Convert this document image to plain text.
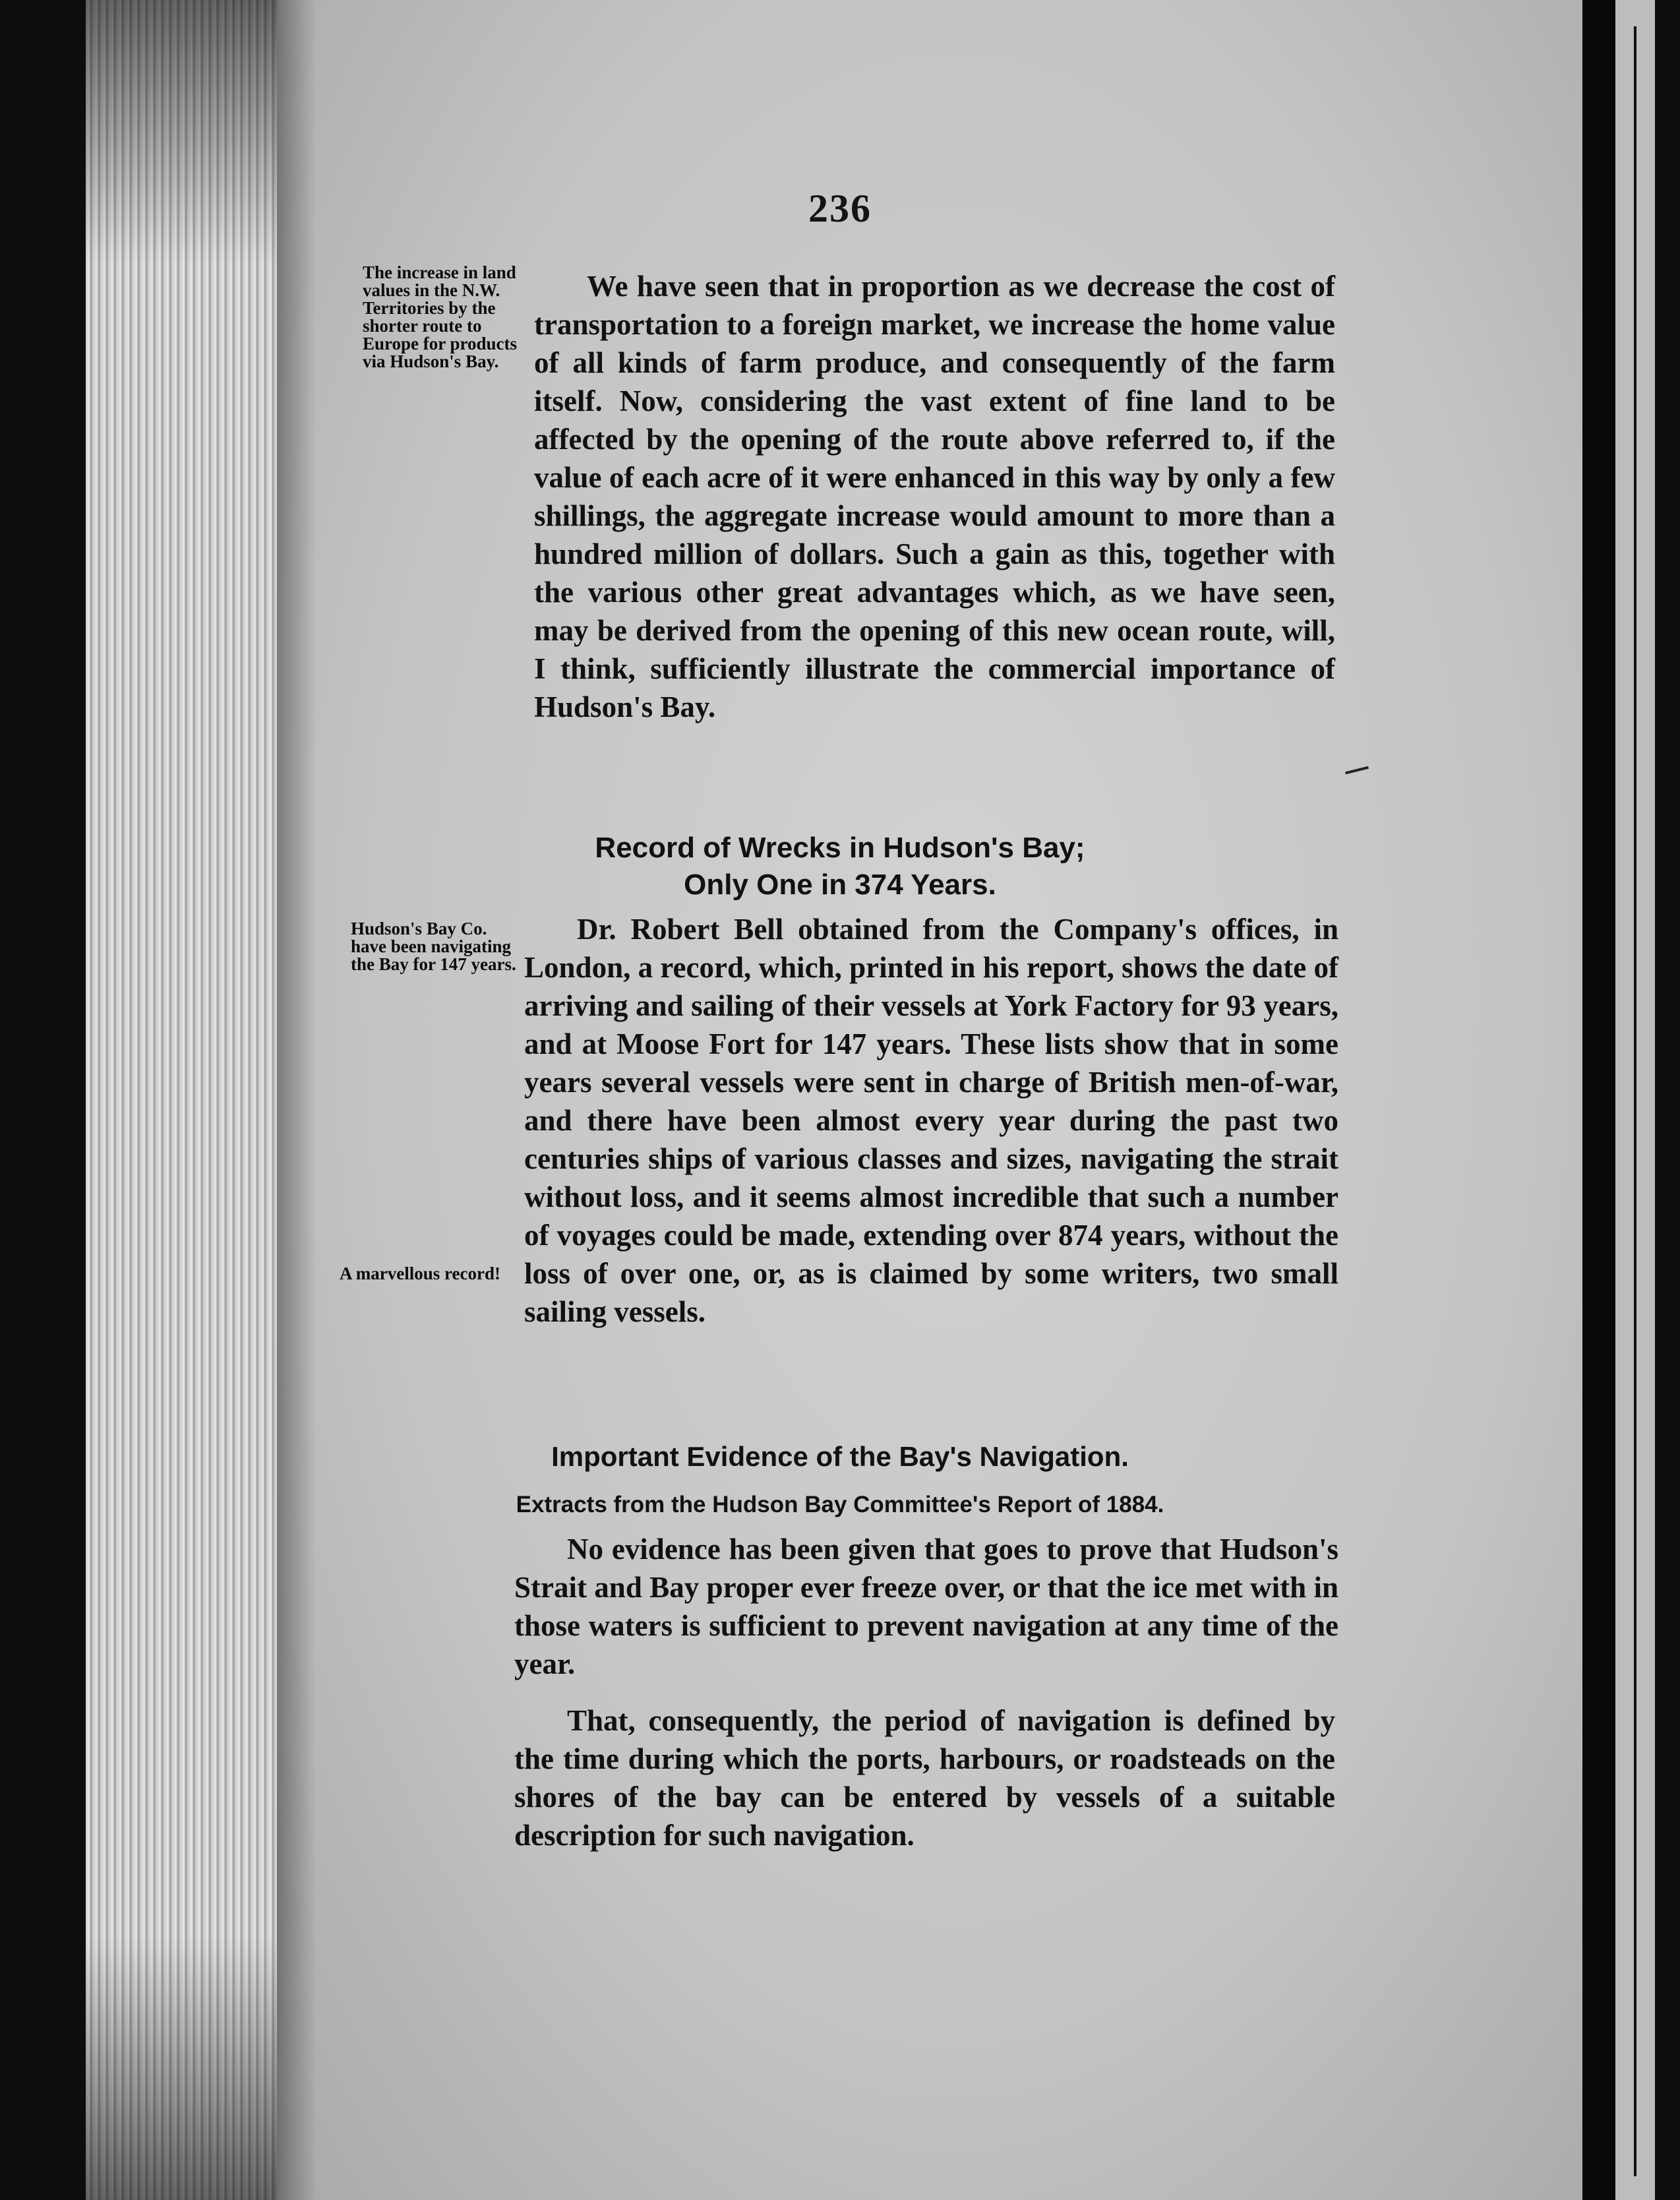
236

The increase in land values in the N.W. Territories by the shorter route to Europe for products via Hudson's Bay.

We have seen that in proportion as we decrease the cost of transportation to a foreign market, we increase the home value of all kinds of farm produce, and consequently of the farm itself. Now, considering the vast extent of fine land to be affected by the opening of the route above referred to, if the value of each acre of it were enhanced in this way by only a few shillings, the aggregate increase would amount to more than a hundred million of dollars. Such a gain as this, together with the various other great advantages which, as we have seen, may be derived from the opening of this new ocean route, will, I think, sufficiently illustrate the commercial importance of Hudson's Bay.

Record of Wrecks in Hudson's Bay;
Only One in 374 Years.

Hudson's Bay Co. have been navigating the Bay for 147 years.

Dr. Robert Bell obtained from the Company's offices, in London, a record, which, printed in his report, shows the date of arriving and sailing of their vessels at York Factory for 93 years, and at Moose Fort for 147 years. These lists show that in some years several vessels were sent in charge of British men-of-war, and there have been almost every year during the past two centuries ships of various classes and sizes, navigating the strait without loss, and it seems almost incredible that such a number of voyages could be made, extending over 874 years, without the loss of over one, or, as is claimed by some writers, two small sailing vessels.

A marvellous record!

Important Evidence of the Bay's Navigation.
Extracts from the Hudson Bay Committee's Report of 1884.

No evidence has been given that goes to prove that Hudson's Strait and Bay proper ever freeze over, or that the ice met with in those waters is sufficient to prevent navigation at any time of the year.

That, consequently, the period of navigation is defined by the time during which the ports, harbours, or roadsteads on the shores of the bay can be entered by vessels of a suitable description for such navigation.
